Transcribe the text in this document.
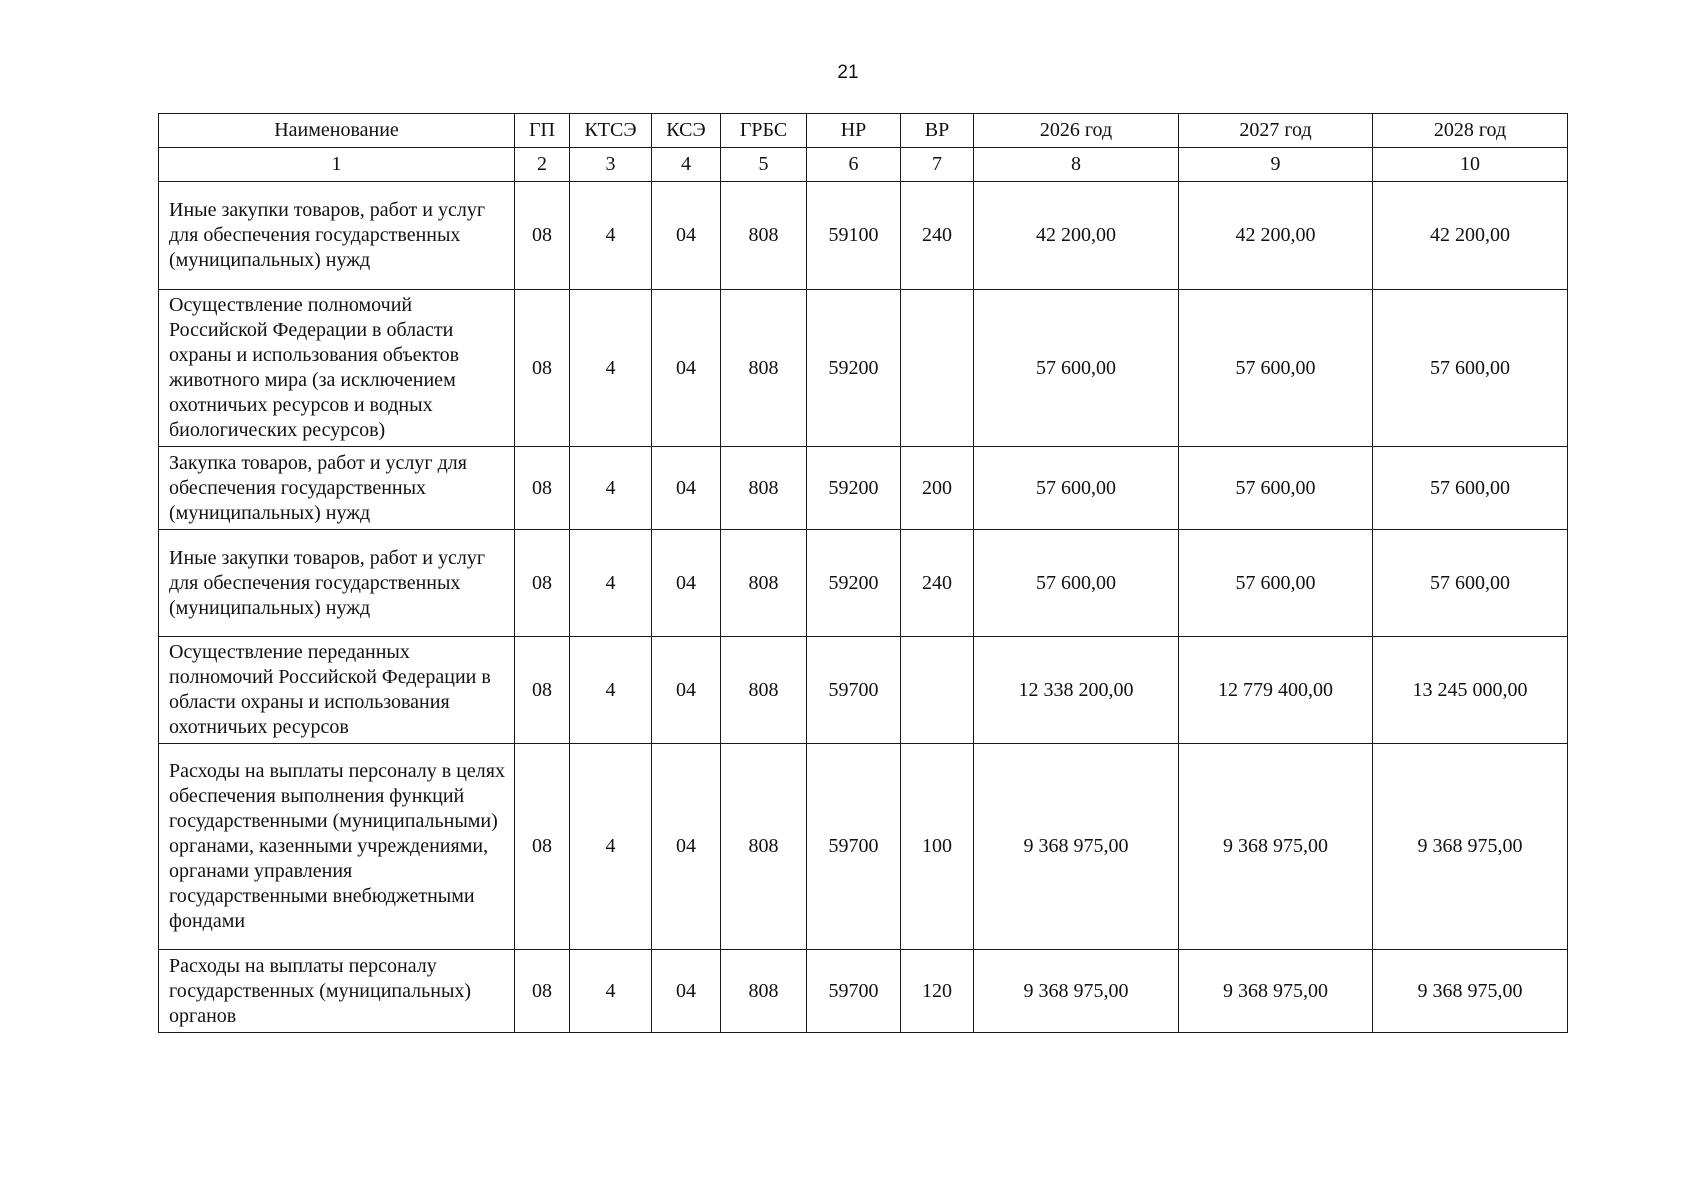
21
Наименование	ГП	КТСЭ	КСЭ	ГРБС	НР	ВР	2026 год	2027 год	2028 год
1	2	3	4	5	6	7	8	9	10
Иные закупки товаров, работ и услуг для обеспечения государственных (муниципальных) нужд	08	4	04	808	59100	240	42 200,00	42 200,00	42 200,00
Осуществление полномочий Российской Федерации в области охраны и использования объектов животного мира (за исключением охотничьих ресурсов и водных биологических ресурсов)	08	4	04	808	59200		57 600,00	57 600,00	57 600,00
Закупка товаров, работ и услуг для обеспечения государственных (муниципальных) нужд	08	4	04	808	59200	200	57 600,00	57 600,00	57 600,00
Иные закупки товаров, работ и услуг для обеспечения государственных (муниципальных) нужд	08	4	04	808	59200	240	57 600,00	57 600,00	57 600,00
Осуществление переданных полномочий Российской Федерации в области охраны и использования охотничьих ресурсов	08	4	04	808	59700		12 338 200,00	12 779 400,00	13 245 000,00
Расходы на выплаты персоналу в целях обеспечения выполнения функций государственными (муниципальными) органами, казенными учреждениями, органами управления государственными внебюджетными фондами	08	4	04	808	59700	100	9 368 975,00	9 368 975,00	9 368 975,00
Расходы на выплаты персоналу государственных (муниципальных) органов	08	4	04	808	59700	120	9 368 975,00	9 368 975,00	9 368 975,00
